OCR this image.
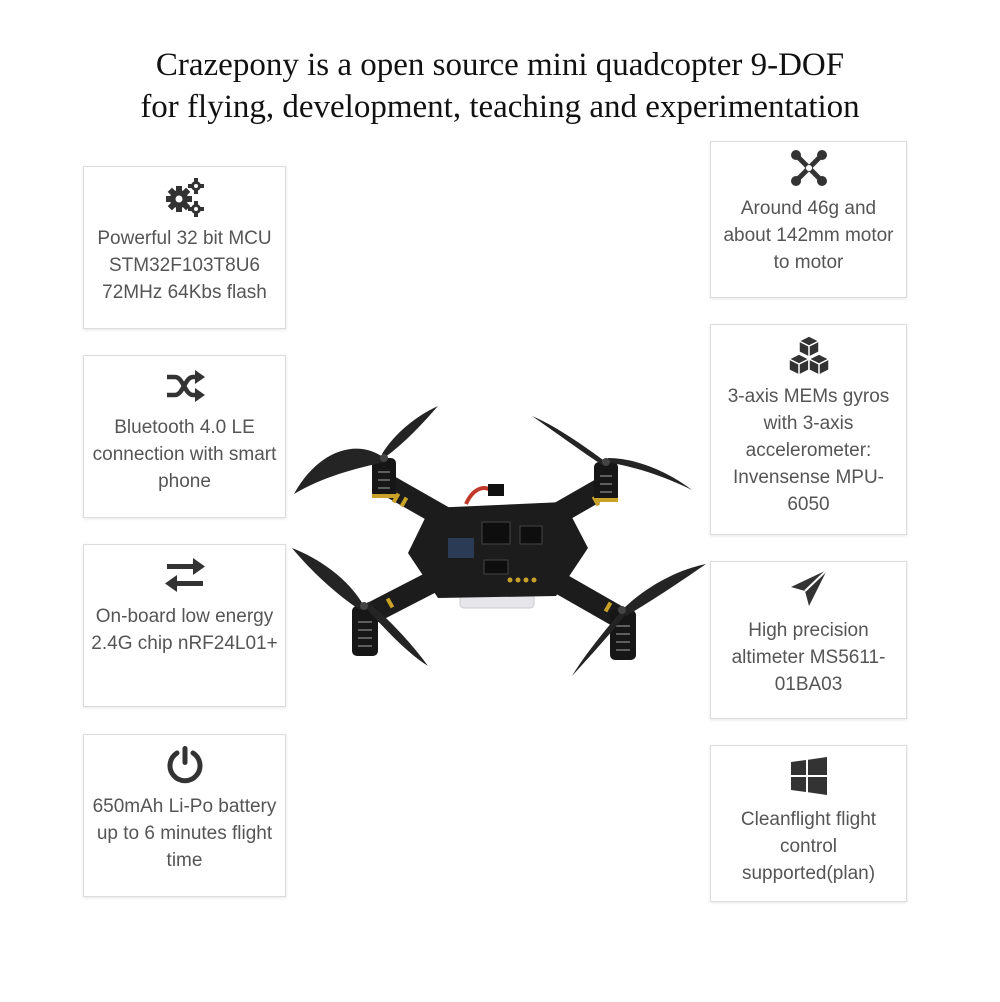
Crazepony is a open source mini quadcopter 9-DOF
for flying, development, teaching and experimentation
Powerful 32 bit MCU STM32F103T8U6 72MHz 64Kbs flash
Bluetooth 4.0 LE connection with smart phone
On-board low energy 2.4G chip nRF24L01+
650mAh Li-Po battery up to 6 minutes flight time
Around 46g and about 142mm motor to motor
3-axis MEMs gyros with 3-axis accelerometer: Invensense MPU-6050
High precision altimeter MS5611-01BA03
Cleanflight flight control supported(plan)
